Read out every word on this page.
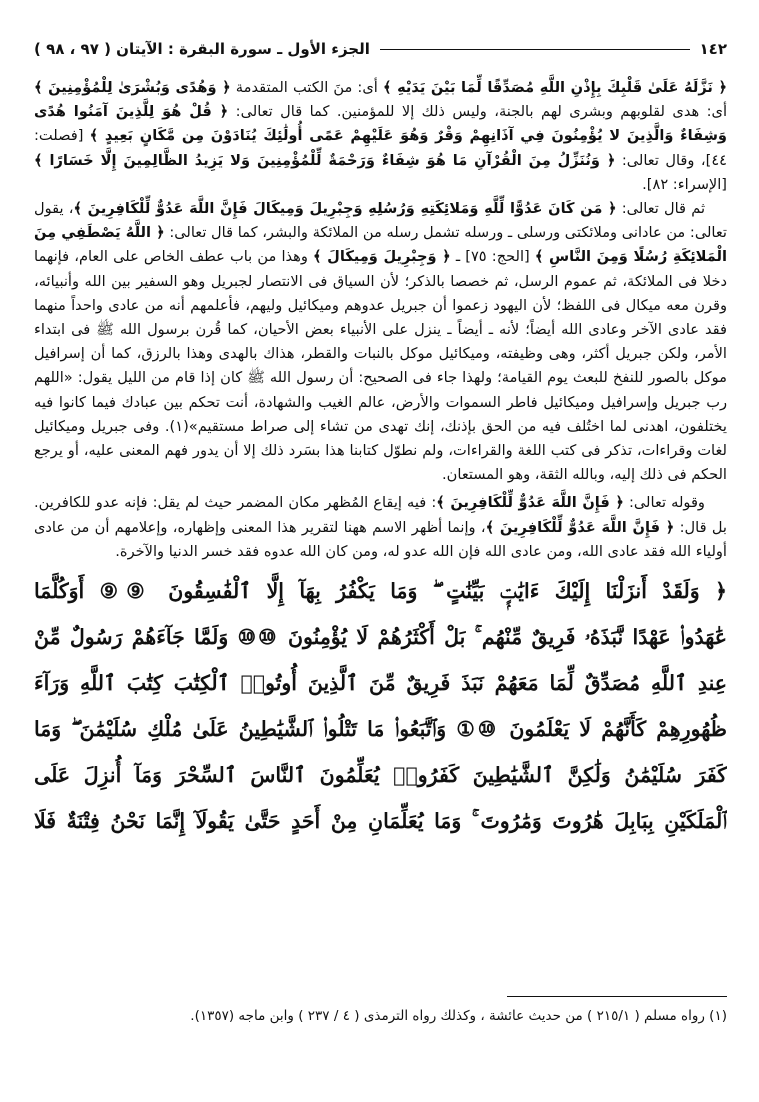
١٤٢
الجزء الأول ـ سورة البقرة : الآيتان ( ٩٧ ، ٩٨ )

﴿ نَزَّلَهُ عَلَىٰ قَلْبِكَ بِإِذْنِ اللَّهِ مُصَدِّقًا لِّمَا بَيْنَ يَدَيْهِ ﴾ أى: منَ الكتب المتقدمة ﴿ وَهُدًى وَبُشْرَىٰ لِلْمُؤْمِنِينَ ﴾ أى: هدى لقلوبهم وبشرى لهم بالجنة، وليس ذلك إلا للمؤمنين. كما قال تعالى: ﴿ قُلْ هُوَ لِلَّذِينَ آمَنُوا هُدًى وَشِفَاءٌ وَالَّذِينَ لا يُؤْمِنُونَ فِي آذَانِهِمْ وَقْرٌ وَهُوَ عَلَيْهِمْ عَمًى أُولَٰئِكَ يُنَادَوْنَ مِن مَّكَانٍ بَعِيدٍ ﴾ [فصلت: ٤٤]، وقال تعالى: ﴿ وَنُنَزِّلُ مِنَ الْقُرْآنِ مَا هُوَ شِفَاءٌ وَرَحْمَةٌ لِّلْمُؤْمِنِينَ وَلا يَزِيدُ الظَّالِمِينَ إِلَّا خَسَارًا ﴾ [الإسراء: ٨٢].

ثم قال تعالى: ﴿ مَن كَانَ عَدُوًّا لِّلَّهِ وَمَلائِكَتِهِ وَرُسُلِهِ وَجِبْرِيلَ وَمِيكَالَ فَإِنَّ اللَّهَ عَدُوٌّ لِّلْكَافِرِينَ ﴾، يقول تعالى: من عادانى وملائكتى ورسلى ـ ورسله تشمل رسله من الملائكة والبشر، كما قال تعالى: ﴿ اللَّهُ يَصْطَفِي مِنَ الْمَلائِكَةِ رُسُلًا وَمِنَ النَّاسِ ﴾ [الحج: ٧٥] ـ ﴿ وَجِبْرِيلَ وَمِيكَالَ ﴾ وهذا من باب عطف الخاص على العام، فإنهما دخلا فى الملائكة، ثم عموم الرسل، ثم خصصا بالذكر؛ لأن السياق فى الانتصار لجبريل وهو السفير بين الله وأنبيائه، وقرن معه ميكال فى اللفظ؛ لأن اليهود زعموا أن جبريل عدوهم وميكائيل وليهم، فأعلمهم أنه من عادى واحداً منهما فقد عادى الآخر وعادى الله أيضاً؛ لأنه ـ أيضاً ـ ينزل على الأنبياء بعض الأحيان، كما قُرن برسول الله ﷺ فى ابتداء الأمر، ولكن جبريل أكثر، وهى وظيفته، وميكائيل موكل بالنبات والقطر، هذاك بالهدى وهذا بالرزق، كما أن إسرافيل موكل بالصور للنفخ للبعث يوم القيامة؛ ولهذا جاء فى الصحيح: أن رسول الله ﷺ كان إذا قام من الليل يقول: «اللهم رب جبريل وإسرافيل وميكائيل فاطر السموات والأرض، عالم الغيب والشهادة، أنت تحكم بين عبادك فيما كانوا فيه يختلفون، اهدنى لما اختُلف فيه من الحق بإذنك، إنك تهدى من تشاء إلى صراط مستقيم»(١). وفى جبريل وميكائيل لغات وقراءات، تذكر فى كتب اللغة والقراءات، ولم نطوّل كتابنا هذا بسَرد ذلك إلا أن يدور فهم المعنى عليه، أو يرجع الحكم فى ذلك إليه، وبالله الثقة، وهو المستعان.

وقوله تعالى: ﴿ فَإِنَّ اللَّهَ عَدُوٌّ لِّلْكَافِرِينَ ﴾: فيه إيقاع المُظهر مكان المضمر حيث لم يقل: فإنه عدو للكافرين. بل قال: ﴿ فَإِنَّ اللَّهَ عَدُوٌّ لِّلْكَافِرِينَ ﴾، وإنما أظهر الاسم ههنا لتقرير هذا المعنى وإظهاره، وإعلامهم أن من عادى أولياء الله فقد عادى الله، ومن عادى الله فإن الله عدو له، ومن كان الله عدوه فقد خسر الدنيا والآخرة.

﴿ وَلَقَدْ أَنزَلْنَا إِلَيْكَ ءَايَٰتٍۭ بَيِّنَٰتٍ ۖ وَمَا يَكْفُرُ بِهَآ إِلَّا ٱلْفَٰسِقُونَ ⑨⑨ أَوَكُلَّمَا
عَٰهَدُوا۟ عَهْدًا نَّبَذَهُۥ فَرِيقٌ مِّنْهُم ۚ بَلْ أَكْثَرُهُمْ لَا يُؤْمِنُونَ ⑩⑩ وَلَمَّا جَآءَهُمْ رَسُولٌ مِّنْ
عِندِ ٱللَّهِ مُصَدِّقٌ لِّمَا مَعَهُمْ نَبَذَ فَرِيقٌ مِّنَ ٱلَّذِينَ أُوتُوا۟ ٱلْكِتَٰبَ كِتَٰبَ ٱللَّهِ وَرَآءَ
ظُهُورِهِمْ كَأَنَّهُمْ لَا يَعْلَمُونَ ⑩① وَٱتَّبَعُوا۟ مَا تَتْلُوا۟ ٱلشَّيَٰطِينُ عَلَىٰ مُلْكِ سُلَيْمَٰنَ ۖ وَمَا
كَفَرَ سُلَيْمَٰنُ وَلَٰكِنَّ ٱلشَّيَٰطِينَ كَفَرُوا۟ يُعَلِّمُونَ ٱلنَّاسَ ٱلسِّحْرَ وَمَآ أُنزِلَ عَلَى
ٱلْمَلَكَيْنِ بِبَابِلَ هَٰرُوتَ وَمَٰرُوتَ ۚ وَمَا يُعَلِّمَانِ مِنْ أَحَدٍ حَتَّىٰ يَقُولَآ إِنَّمَا نَحْنُ فِتْنَةٌ فَلَا
(١) رواه مسلم ( ٢١٥/١ ) من حديث عائشة ، وكذلك رواه الترمذى ( ٤ / ٢٣٧ ) وابن ماجه (١٣٥٧).
